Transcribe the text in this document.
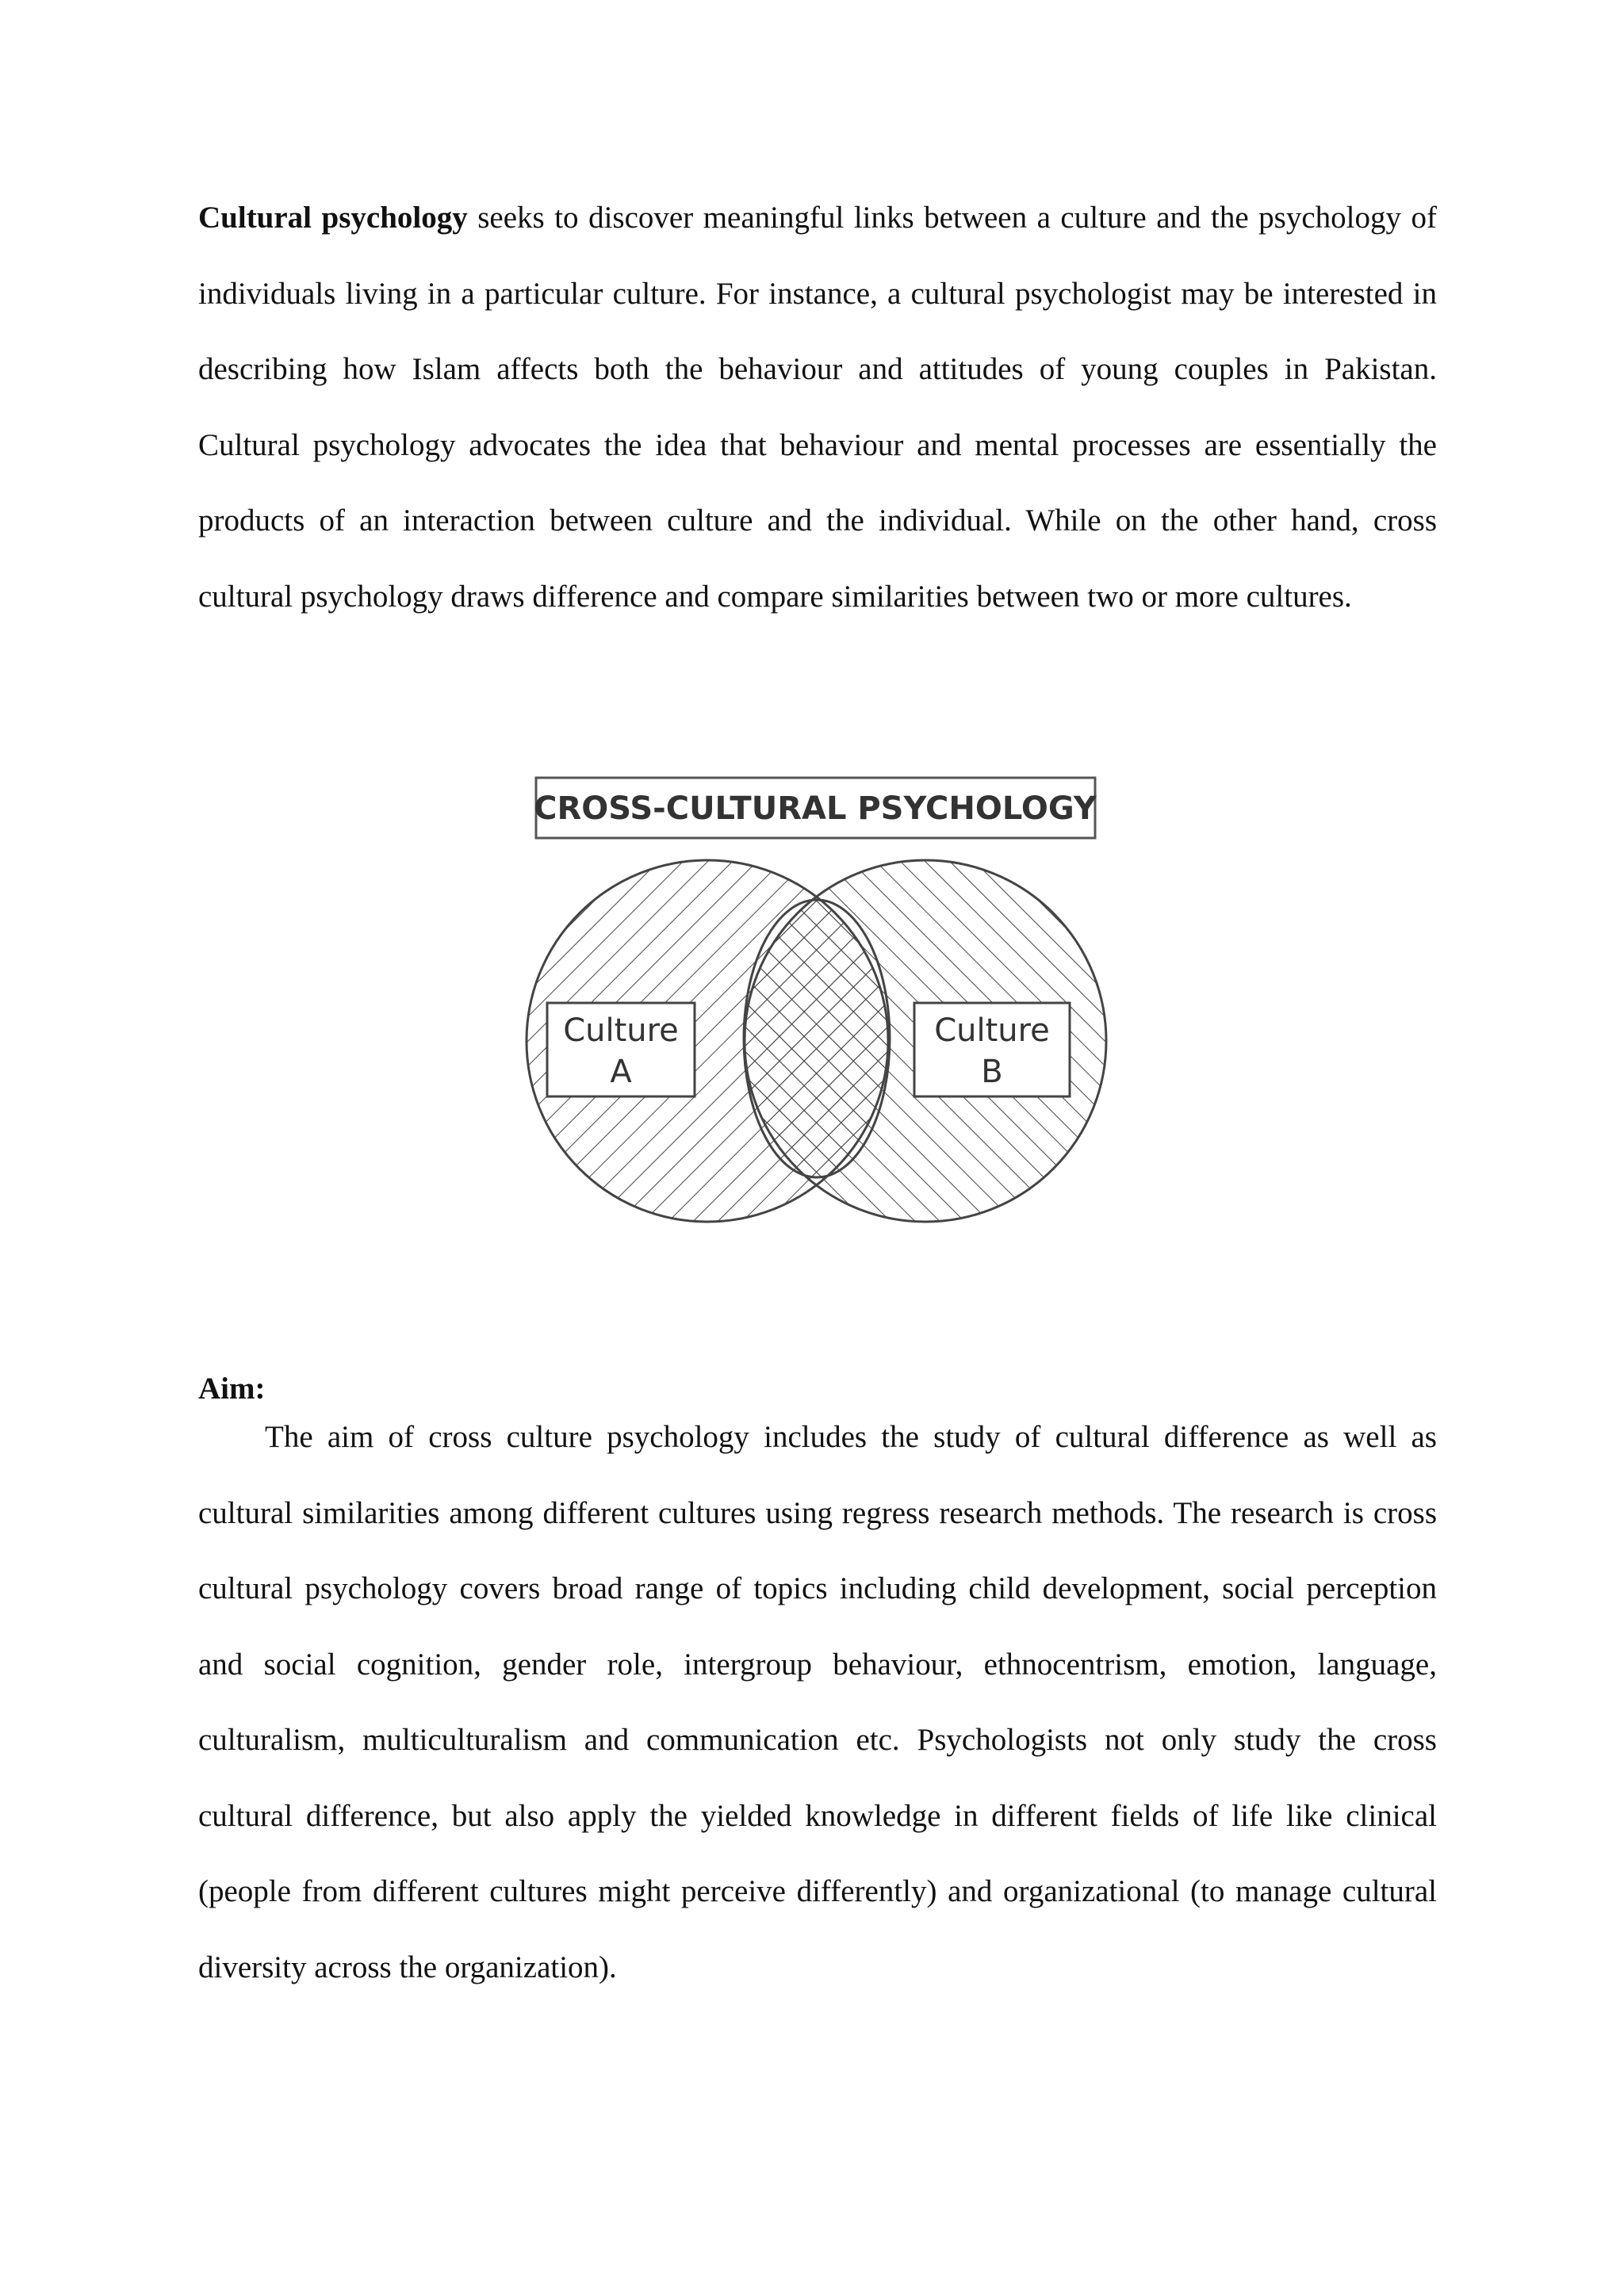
Cultural psychology seeks to discover meaningful links between a culture and the psychology of individuals living in a particular culture. For instance, a cultural psychologist may be interested in describing how Islam affects both the behaviour and attitudes of young couples in Pakistan. Cultural psychology advocates the idea that behaviour and mental processes are essentially the products of an interaction between culture and the individual. While on the other hand, cross cultural psychology draws difference and compare similarities between two or more cultures.

CROSS-CULTURAL PSYCHOLOGY
Culture
A
Culture
B

Aim:

The aim of cross culture psychology includes the study of cultural difference as well as cultural similarities among different cultures using regress research methods. The research is cross cultural psychology covers broad range of topics including child development, social perception and social cognition, gender role, intergroup behaviour, ethnocentrism, emotion, language, culturalism, multiculturalism and communication etc. Psychologists not only study the cross cultural difference, but also apply the yielded knowledge in different fields of life like clinical (people from different cultures might perceive differently) and organizational (to manage cultural diversity across the organization).
